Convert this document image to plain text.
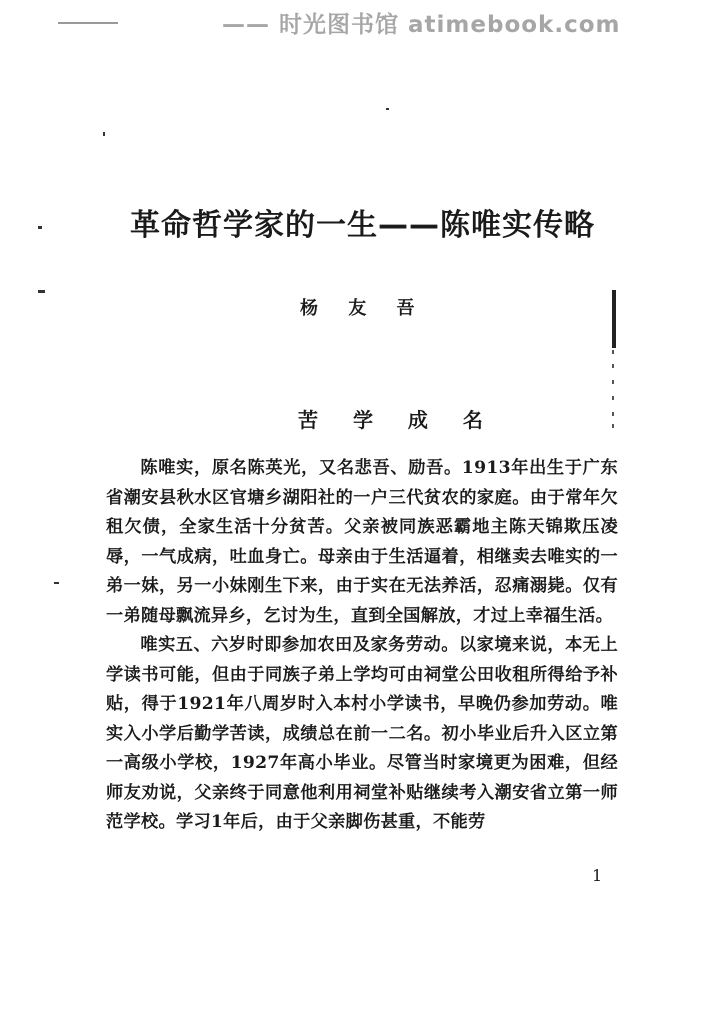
—— 时光图书馆 atimebook.com
革命哲学家的一生——陈唯实传略
杨 友 吾
苦 学 成 名

陈唯实，原名陈英光，又名悲吾、励吾。1913年出生于广东省潮安县秋水区官塘乡湖阳社的一户三代贫农的家庭。由于常年欠租欠债，全家生活十分贫苦。父亲被同族恶霸地主陈天锦欺压凌辱，一气成病，吐血身亡。母亲由于生活逼着，相继卖去唯实的一弟一妹，另一小妹刚生下来，由于实在无法养活，忍痛溺毙。仅有一弟随母飘流异乡，乞讨为生，直到全国解放，才过上幸福生活。

唯实五、六岁时即参加农田及家务劳动。以家境来说，本无上学读书可能，但由于同族子弟上学均可由祠堂公田收租所得给予补贴，得于1921年八周岁时入本村小学读书，早晚仍参加劳动。唯实入小学后勤学苦读，成绩总在前一二名。初小毕业后升入区立第一高级小学校，1927年高小毕业。尽管当时家境更为困难，但经师友劝说，父亲终于同意他利用祠堂补贴继续考入潮安省立第一师范学校。学习1年后，由于父亲脚伤甚重，不能劳

1
